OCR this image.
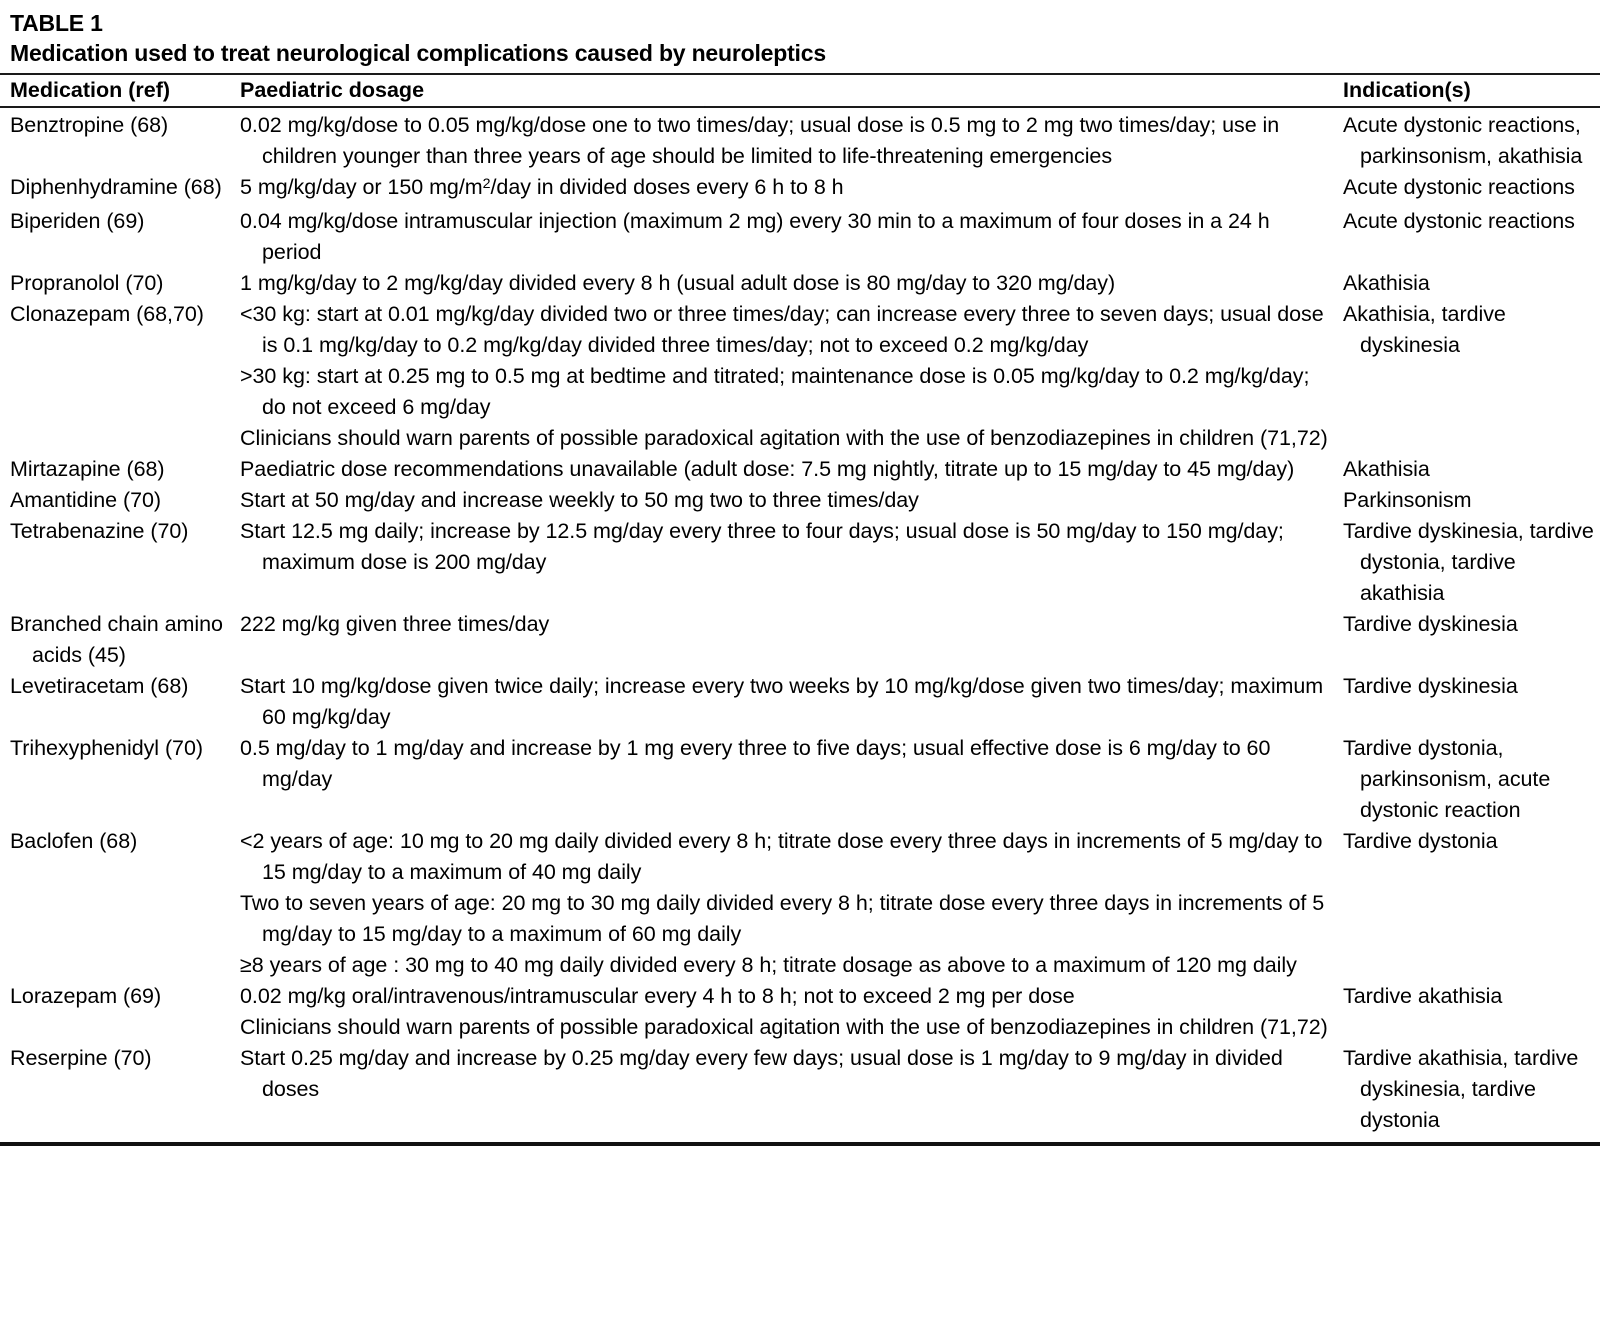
TABLE 1
Medication used to treat neurological complications caused by neuroleptics
Medication (ref)	Paediatric dosage	Indication(s)

Benztropine (68)	0.02 mg/kg/dose to 0.05 mg/kg/dose one to two times/day; usual dose is 0.5 mg to 2 mg two times/day; use in children younger than three years of age should be limited to life-threatening emergencies	Acute dystonic reactions, parkinsonism, akathisia

Diphenhydramine (68)	5 mg/kg/day or 150 $mg/m^2$/day in divided doses every 6 h to 8 h	Acute dystonic reactions

Biperiden (69)	0.04 mg/kg/dose intramuscular injection (maximum 2 mg) every 30 min to a maximum of four doses in a 24 h period	Acute dystonic reactions

Propranolol (70)	1 mg/kg/day to 2 mg/kg/day divided every 8 h (usual adult dose is 80 mg/day to 320 mg/day)	Akathisia

Clonazepam (68,70)	<30 kg: start at 0.01 mg/kg/day divided two or three times/day; can increase every three to seven days; usual dose is 0.1 mg/kg/day to 0.2 mg/kg/day divided three times/day; not to exceed 0.2 mg/kg/day
>30 kg: start at 0.25 mg to 0.5 mg at bedtime and titrated; maintenance dose is 0.05 mg/kg/day to 0.2 mg/kg/day; do not exceed 6 mg/day
Clinicians should warn parents of possible paradoxical agitation with the use of benzodiazepines in children (71,72)	Akathisia, tardive dyskinesia

Mirtazapine (68)	Paediatric dose recommendations unavailable (adult dose: 7.5 mg nightly, titrate up to 15 mg/day to 45 mg/day)	Akathisia

Amantidine (70)	Start at 50 mg/day and increase weekly to 50 mg two to three times/day	Parkinsonism

Tetrabenazine (70)	Start 12.5 mg daily; increase by 12.5 mg/day every three to four days; usual dose is 50 mg/day to 150 mg/day; maximum dose is 200 mg/day	Tardive dyskinesia, tardive dystonia, tardive akathisia

Branched chain amino acids (45)	222 mg/kg given three times/day	Tardive dyskinesia

Levetiracetam (68)	Start 10 mg/kg/dose given twice daily; increase every two weeks by 10 mg/kg/dose given two times/day; maximum 60 mg/kg/day	Tardive dyskinesia

Trihexyphenidyl (70)	0.5 mg/day to 1 mg/day and increase by 1 mg every three to five days; usual effective dose is 6 mg/day to 60 mg/day	Tardive dystonia, parkinsonism, acute dystonic reaction

Baclofen (68)	<2 years of age: 10 mg to 20 mg daily divided every 8 h; titrate dose every three days in increments of 5 mg/day to 15 mg/day to a maximum of 40 mg daily
Two to seven years of age: 20 mg to 30 mg daily divided every 8 h; titrate dose every three days in increments of 5 mg/day to 15 mg/day to a maximum of 60 mg daily
≥8 years of age : 30 mg to 40 mg daily divided every 8 h; titrate dosage as above to a maximum of 120 mg daily	Tardive dystonia

Lorazepam (69)	0.02 mg/kg oral/intravenous/intramuscular every 4 h to 8 h; not to exceed 2 mg per dose
Clinicians should warn parents of possible paradoxical agitation with the use of benzodiazepines in children (71,72)	Tardive akathisia

Reserpine (70)	Start 0.25 mg/day and increase by 0.25 mg/day every few days; usual dose is 1 mg/day to 9 mg/day in divided doses	Tardive akathisia, tardive dyskinesia, tardive dystonia
